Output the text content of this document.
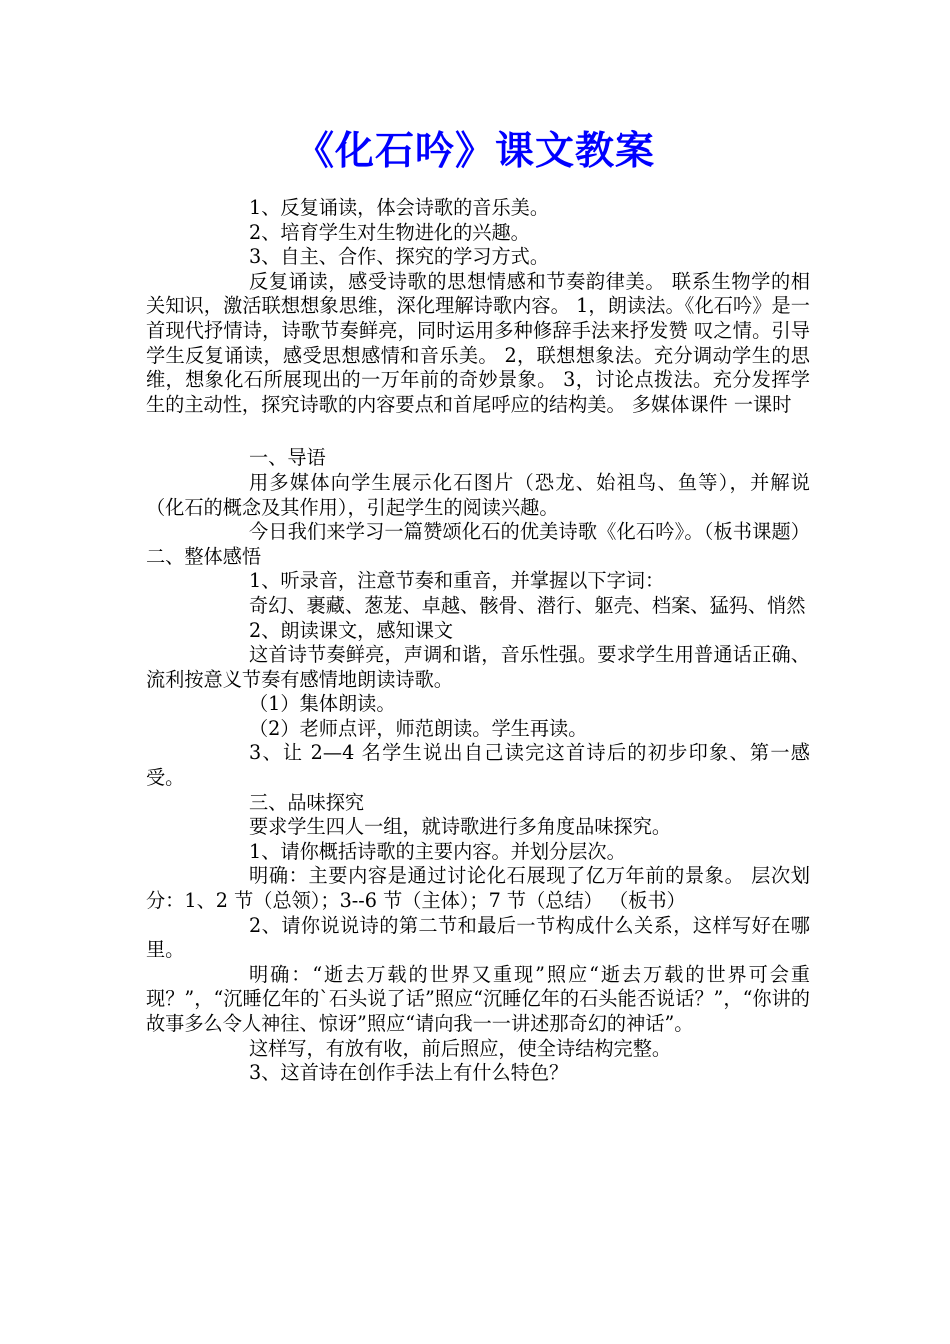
《化石吟》课文教案

1、反复诵读，体会诗歌的音乐美。

2、培育学生对生物进化的兴趣。

3、自主、合作、探究的学习方式。

反复诵读，感受诗歌的思想情感和节奏韵律美。 联系生物学的相关知识，激活联想想象思维，深化理解诗歌内容。 1，朗读法。《化石吟》是一首现代抒情诗，诗歌节奏鲜亮，同时运用多种修辞手法来抒发赞 叹之情。引导学生反复诵读，感受思想感情和音乐美。 2，联想想象法。充分调动学生的思维，想象化石所展现出的一万年前的奇妙景象。 3，讨论点拨法。充分发挥学生的主动性，探究诗歌的内容要点和首尾呼应的结构美。 多媒体课件 一课时

一、导语

用多媒体向学生展示化石图片（恐龙、始祖鸟、鱼等），并解说（化石的概念及其作用），引起学生的阅读兴趣。

今日我们来学习一篇赞颂化石的优美诗歌《化石吟》。（板书课题） 二、整体感悟

1、听录音，注意节奏和重音，并掌握以下字词：

奇幻、裹藏、葱茏、卓越、骸骨、潜行、躯壳、档案、猛犸、悄然

2、朗读课文，感知课文

这首诗节奏鲜亮，声调和谐，音乐性强。要求学生用普通话正确、流利按意义节奏有感情地朗读诗歌。

（1）集体朗读。

（2）老师点评，师范朗读。学生再读。

3、让 2—4 名学生说出自己读完这首诗后的初步印象、第一感受。

三、品味探究

要求学生四人一组，就诗歌进行多角度品味探究。

1、请你概括诗歌的主要内容。并划分层次。

明确：主要内容是通过讨论化石展现了亿万年前的景象。 层次划分：1、2 节（总领）；3--6 节（主体）；7 节（总结） （板书）

2、请你说说诗的第二节和最后一节构成什么关系，这样写好在哪里。

明确：“逝去万载的世界又重现”照应“逝去万载的世界可会重现？”，“沉睡亿年的`石头说了话”照应“沉睡亿年的石头能否说话？”，“你讲的故事多么令人神往、惊讶”照应“请向我一一讲述那奇幻的神话”。

这样写，有放有收，前后照应，使全诗结构完整。

3、这首诗在创作手法上有什么特色？
